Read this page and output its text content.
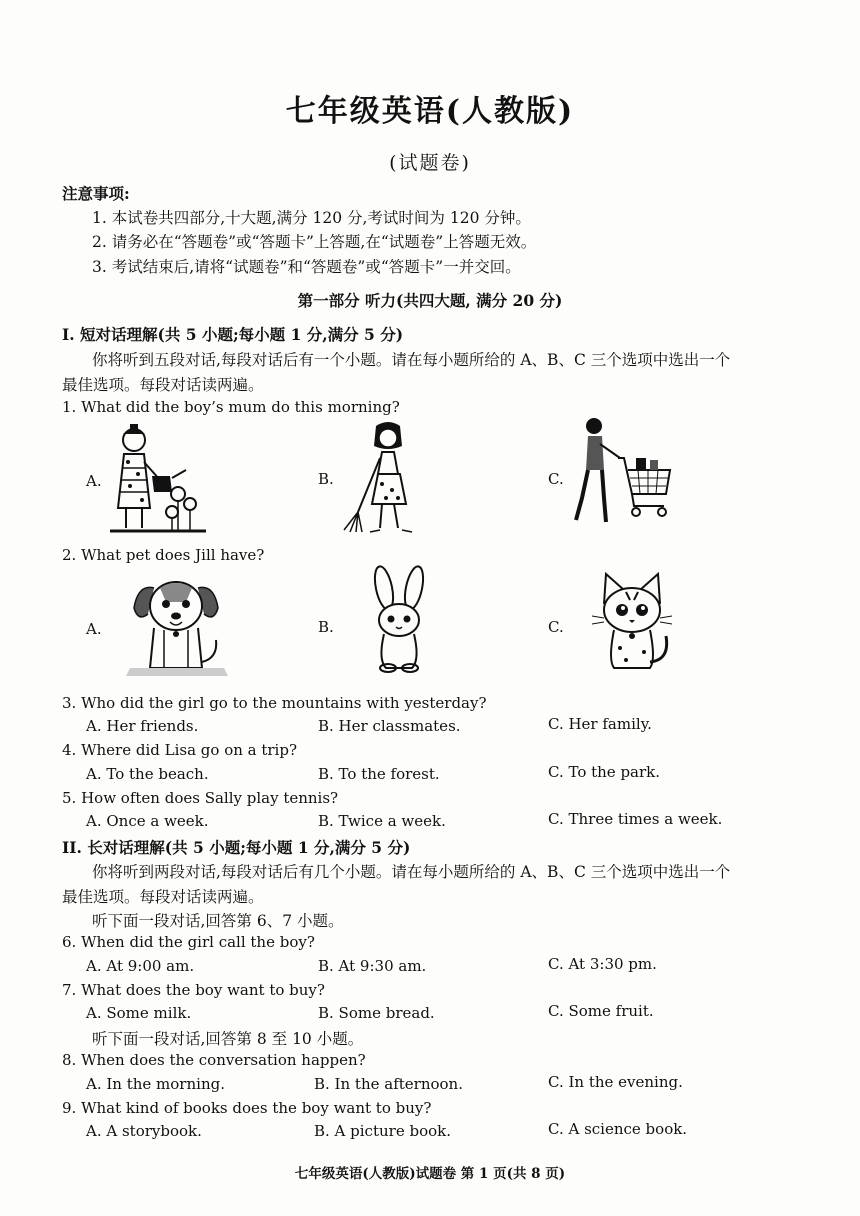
七年级英语(人教版)
(试题卷)
注意事项:
1. 本试卷共四部分,十大题,满分 120 分,考试时间为 120 分钟。
2. 请务必在“答题卷”或“答题卡”上答题,在“试题卷”上答题无效。
3. 考试结束后,请将“试题卷”和“答题卷”或“答题卡”一并交回。
第一部分 听力(共四大题, 满分 20 分)
I. 短对话理解(共 5 小题;每小题 1 分,满分 5 分)
你将听到五段对话,每段对话后有一个小题。请在每小题所给的 A、B、C 三个选项中选出一个
最佳选项。每段对话读两遍。
1. What did the boy’s mum do this morning?
A.	B.	C.
2. What pet does Jill have?
A.	B.	C.
3. Who did the girl go to the mountains with yesterday?
A. Her friends.	B. Her classmates.	C. Her family.
4. Where did Lisa go on a trip?
A. To the beach.	B. To the forest.	C. To the park.
5. How often does Sally play tennis?
A. Once a week.	B. Twice a week.	C. Three times a week.
II. 长对话理解(共 5 小题;每小题 1 分,满分 5 分)
你将听到两段对话,每段对话后有几个小题。请在每小题所给的 A、B、C 三个选项中选出一个
最佳选项。每段对话读两遍。
听下面一段对话,回答第 6、7 小题。
6. When did the girl call the boy?
A. At 9:00 am.	B. At 9:30 am.	C. At 3:30 pm.
7. What does the boy want to buy?
A. Some milk.	B. Some bread.	C. Some fruit.
听下面一段对话,回答第 8 至 10 小题。
8. When does the conversation happen?
A. In the morning.	B. In the afternoon.	C. In the evening.
9. What kind of books does the boy want to buy?
A. A storybook.	B. A picture book.	C. A science book.
七年级英语(人教版)试题卷 第 1 页(共 8 页)
